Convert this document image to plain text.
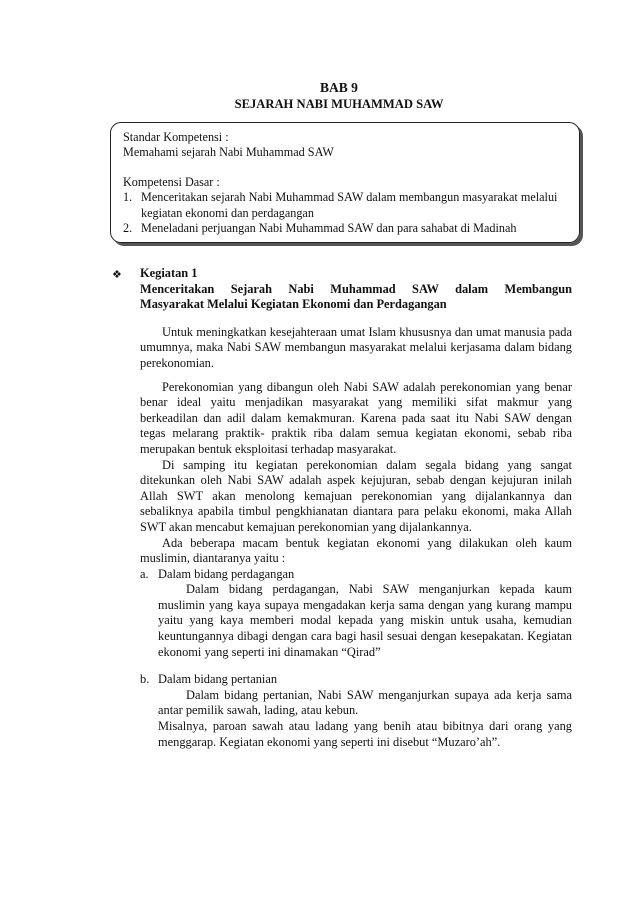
BAB 9
SEJARAH NABI MUHAMMAD SAW
Standar Kompetensi :
Memahami sejarah Nabi Muhammad SAW
Kompetensi Dasar :
1. Menceritakan sejarah Nabi Muhammad SAW dalam membangun masyarakat melalui kegiatan ekonomi dan perdagangan
2. Meneladani perjuangan Nabi Muhammad SAW dan para sahabat di Madinah
❖ Kegiatan 1
Menceritakan Sejarah Nabi Muhammad SAW dalam Membangun
Masyarakat Melalui Kegiatan Ekonomi dan Perdagangan

Untuk meningkatkan kesejahteraan umat Islam khususnya dan umat manusia pada umumnya, maka Nabi SAW membangun masyarakat melalui kerjasama dalam bidang perekonomian.

Perekonomian yang dibangun oleh Nabi SAW adalah perekonomian yang benar benar ideal yaitu menjadikan masyarakat yang memiliki sifat makmur yang berkeadilan dan adil dalam kemakmuran. Karena pada saat itu Nabi SAW dengan tegas melarang praktik- praktik riba dalam semua kegiatan ekonomi, sebab riba merupakan bentuk eksploitasi terhadap masyarakat.

Di samping itu kegiatan perekonomian dalam segala bidang yang sangat ditekunkan oleh Nabi SAW adalah aspek kejujuran, sebab dengan kejujuran inilah Allah SWT akan menolong kemajuan perekonomian yang dijalankannya dan sebaliknya apabila timbul pengkhianatan diantara para pelaku ekonomi, maka Allah SWT akan mencabut kemajuan perekonomian yang dijalankannya.

Ada beberapa macam bentuk kegiatan ekonomi yang dilakukan oleh kaum muslimin, diantaranya yaitu :

a. Dalam bidang perdagangan

Dalam bidang perdagangan, Nabi SAW menganjurkan kepada kaum muslimin yang kaya supaya mengadakan kerja sama dengan yang kurang mampu yaitu yang kaya memberi modal kepada yang miskin untuk usaha, kemudian keuntungannya dibagi dengan cara bagi hasil sesuai dengan kesepakatan. Kegiatan ekonomi yang seperti ini dinamakan “Qirad”

b. Dalam bidang pertanian

Dalam bidang pertanian, Nabi SAW menganjurkan supaya ada kerja sama antar pemilik sawah, lading, atau kebun.

Misalnya, paroan sawah atau ladang yang benih atau bibitnya dari orang yang menggarap. Kegiatan ekonomi yang seperti ini disebut “Muzaro’ah”.
